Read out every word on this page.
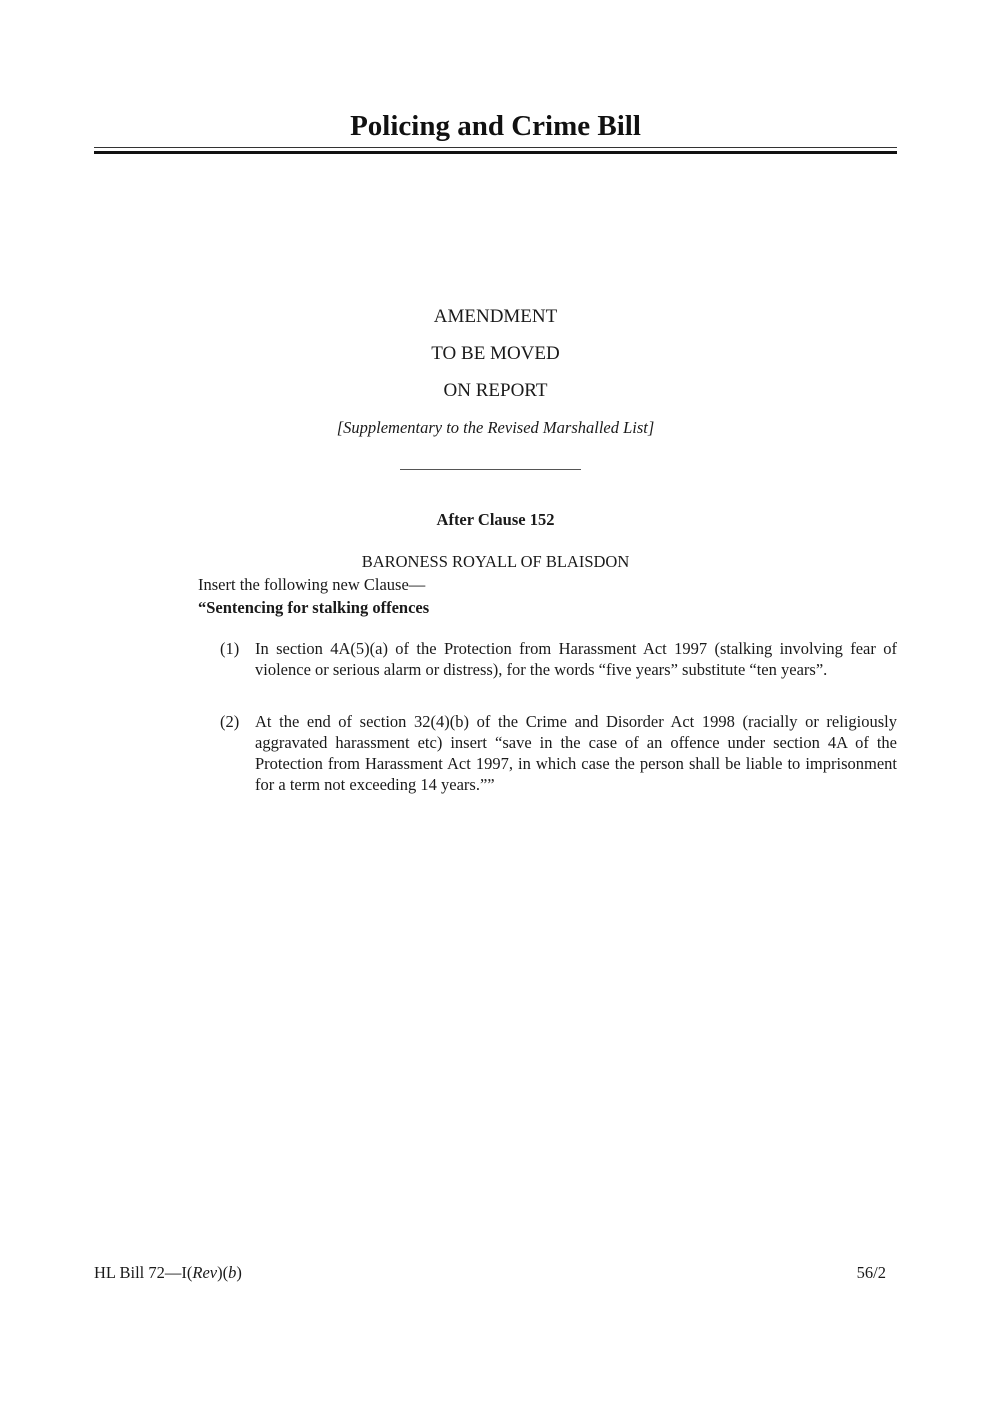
Policing and Crime Bill
AMENDMENT
TO BE MOVED
ON REPORT
[Supplementary to the Revised Marshalled List]
After Clause 152
BARONESS ROYALL OF BLAISDON
Insert the following new Clause—
“Sentencing for stalking offences
(1) In section 4A(5)(a) of the Protection from Harassment Act 1997 (stalking involving fear of violence or serious alarm or distress), for the words “five years” substitute “ten years”.
(2) At the end of section 32(4)(b) of the Crime and Disorder Act 1998 (racially or religiously aggravated harassment etc) insert “save in the case of an offence under section 4A of the Protection from Harassment Act 1997, in which case the person shall be liable to imprisonment for a term not exceeding 14 years.””
HL Bill 72—I(Rev)(b)	56/2
